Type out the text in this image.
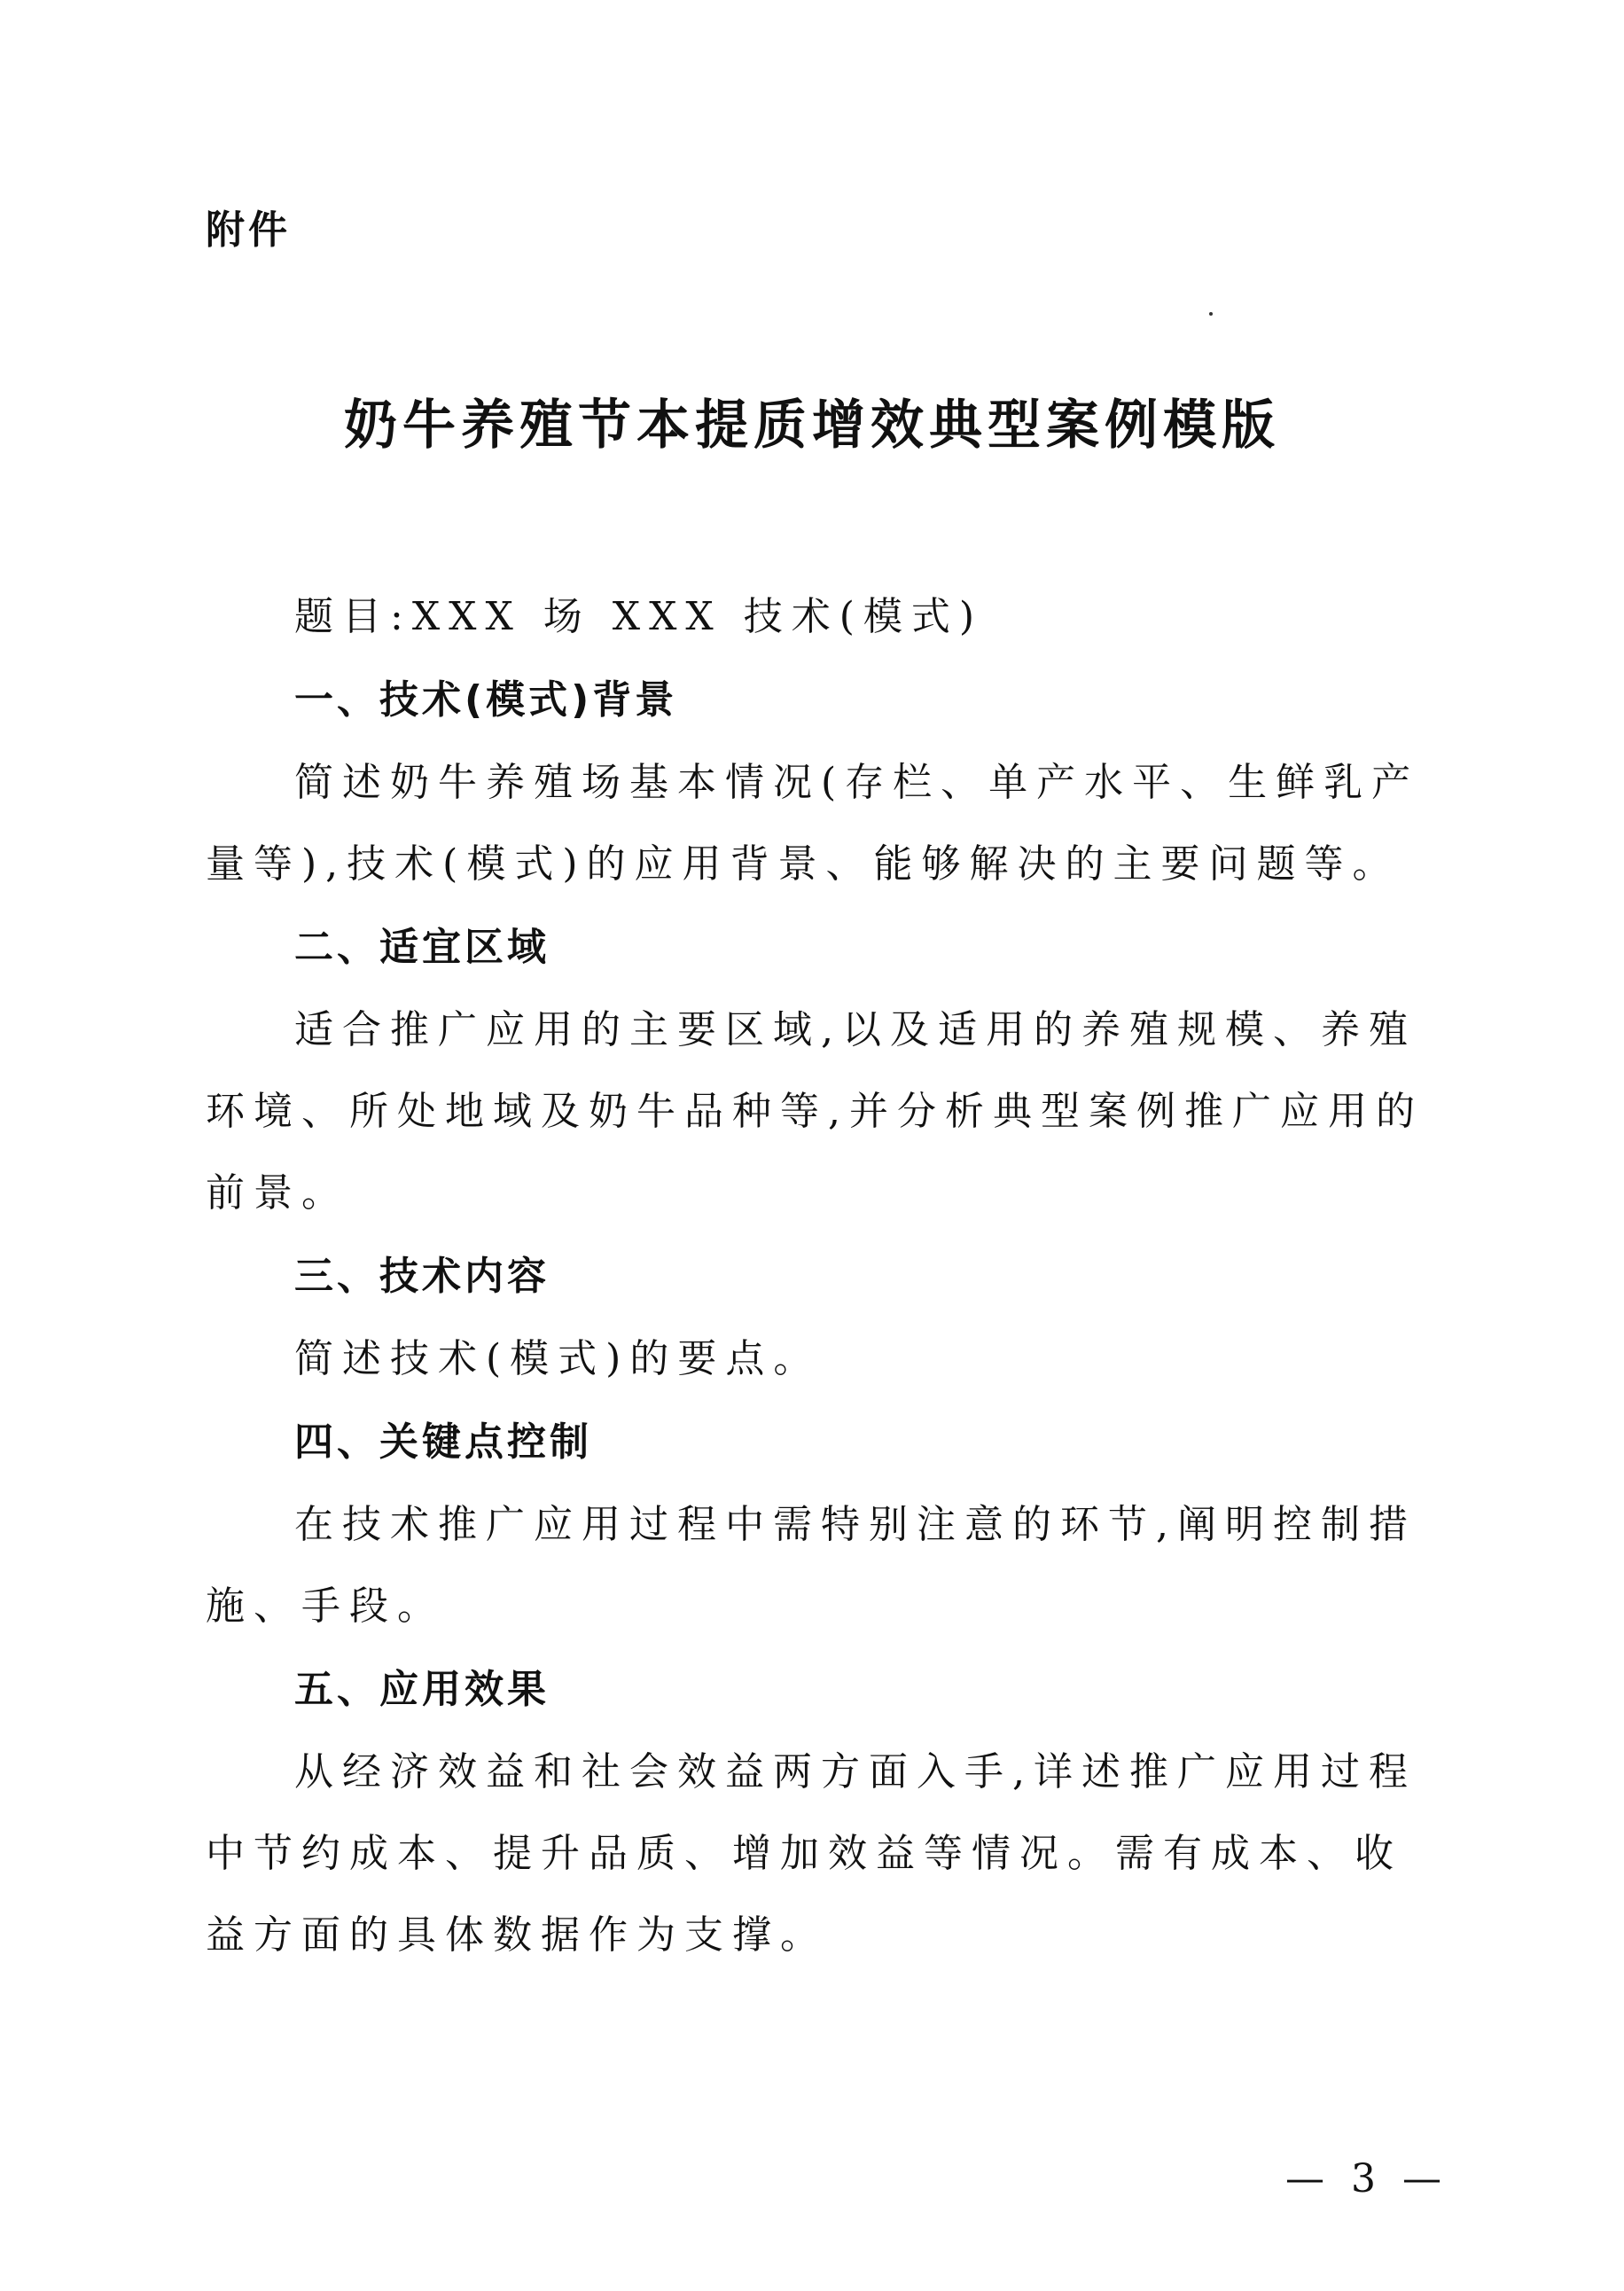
附件
奶牛养殖节本提质增效典型案例模版

题目:XXX 场 XXX 技术(模式)

一、技术(模式)背景

简述奶牛养殖场基本情况(存栏、单产水平、生鲜乳产量等),技术(模式)的应用背景、能够解决的主要问题等。

二、适宜区域

适合推广应用的主要区域,以及适用的养殖规模、养殖环境、所处地域及奶牛品种等,并分析典型案例推广应用的前景。

三、技术内容

简述技术(模式)的要点。

四、关键点控制

在技术推广应用过程中需特别注意的环节,阐明控制措施、手段。

五、应用效果

从经济效益和社会效益两方面入手,详述推广应用过程中节约成本、提升品质、增加效益等情况。需有成本、收益方面的具体数据作为支撑。

— 3 —
